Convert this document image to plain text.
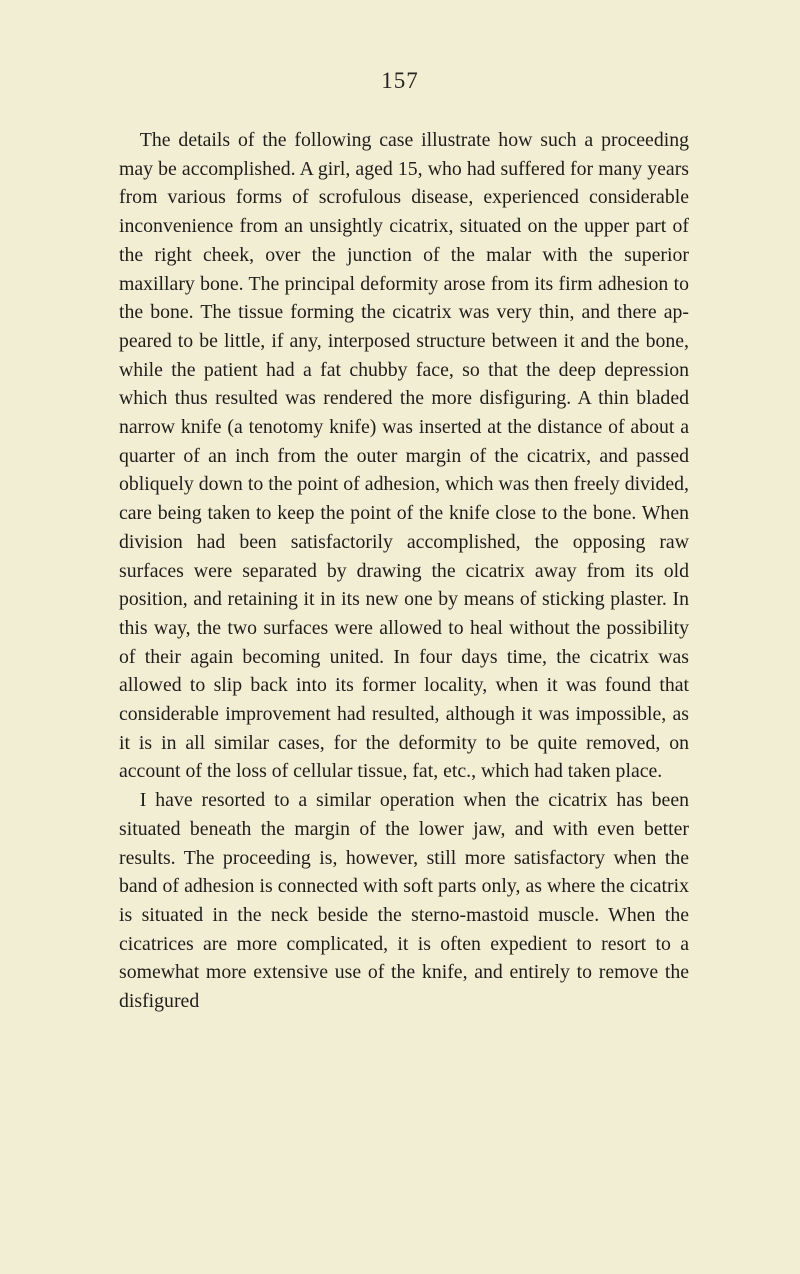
157

The details of the following case illustrate how such a proceeding may be accomplished. A girl, aged 15, who had suffered for many years from various forms of scrofulous disease, experienced considerable inconvenience from an unsightly cicatrix, situated on the upper part of the right cheek, over the junction of the malar with the superior maxillary bone. The principal deformity arose from its firm adhesion to the bone. The tissue forming the cicatrix was very thin, and there appeared to be little, if any, interposed structure between it and the bone, while the patient had a fat chubby face, so that the deep depression which thus resulted was rendered the more disfiguring. A thin bladed narrow knife (a tenotomy knife) was inserted at the distance of about a quarter of an inch from the outer margin of the cicatrix, and passed obliquely down to the point of adhesion, which was then freely divided, care being taken to keep the point of the knife close to the bone. When division had been satisfactorily accomplished, the opposing raw surfaces were separated by drawing the cicatrix away from its old position, and retaining it in its new one by means of sticking plaster. In this way, the two surfaces were allowed to heal without the possibility of their again becoming united. In four days time, the cicatrix was allowed to slip back into its former locality, when it was found that considerable improvement had resulted, although it was impossible, as it is in all similar cases, for the deformity to be quite removed, on account of the loss of cellular tissue, fat, etc., which had taken place.

I have resorted to a similar operation when the cicatrix has been situated beneath the margin of the lower jaw, and with even better results. The proceeding is, however, still more satisfactory when the band of adhesion is connected with soft parts only, as where the cicatrix is situated in the neck beside the sterno-mastoid muscle. When the cicatrices are more complicated, it is often expedient to resort to a somewhat more extensive use of the knife, and entirely to remove the disfigured
